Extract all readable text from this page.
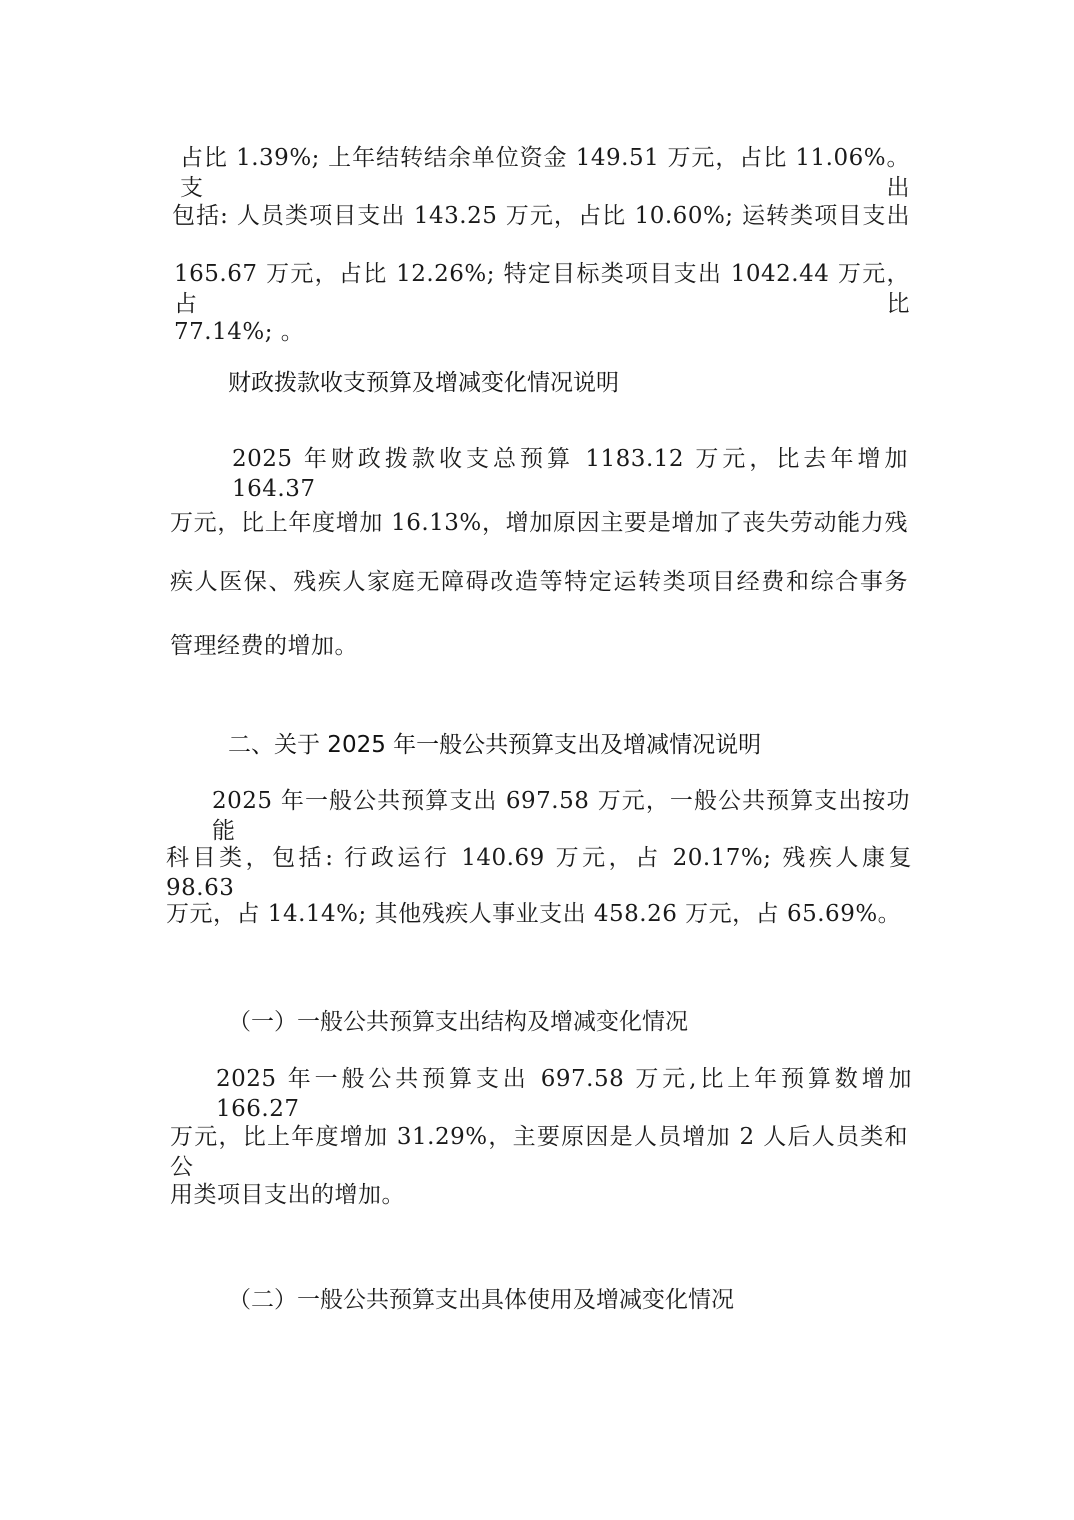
占比 1.39%; 上年结转结余单位资金 149.51 万元，占比 11.06%。支出
包括: 人员类项目支出 143.25 万元，占比 10.60%; 运转类项目支出
165.67 万元，占比 12.26%; 特定目标类项目支出 1042.44 万元，占比
77.14%; 。
财政拨款收支预算及增减变化情况说明
2025 年财政拨款收支总预算 1183.12 万元，比去年增加 164.37
万元，比上年度增加 16.13%，增加原因主要是增加了丧失劳动能力残
疾人医保、残疾人家庭无障碍改造等特定运转类项目经费和综合事务
管理经费的增加。
二、关于 2025 年一般公共预算支出及增减情况说明
2025 年一般公共预算支出 697.58 万元，一般公共预算支出按功能
科目类，包括: 行政运行 140.69 万元，占 20.17%; 残疾人康复 98.63
万元，占 14.14%; 其他残疾人事业支出 458.26 万元，占 65.69%。
（一）一般公共预算支出结构及增减变化情况
2025 年一般公共预算支出 697.58 万元,比上年预算数增加 166.27
万元，比上年度增加 31.29%，主要原因是人员增加 2 人后人员类和公
用类项目支出的增加。
（二）一般公共预算支出具体使用及增减变化情况
